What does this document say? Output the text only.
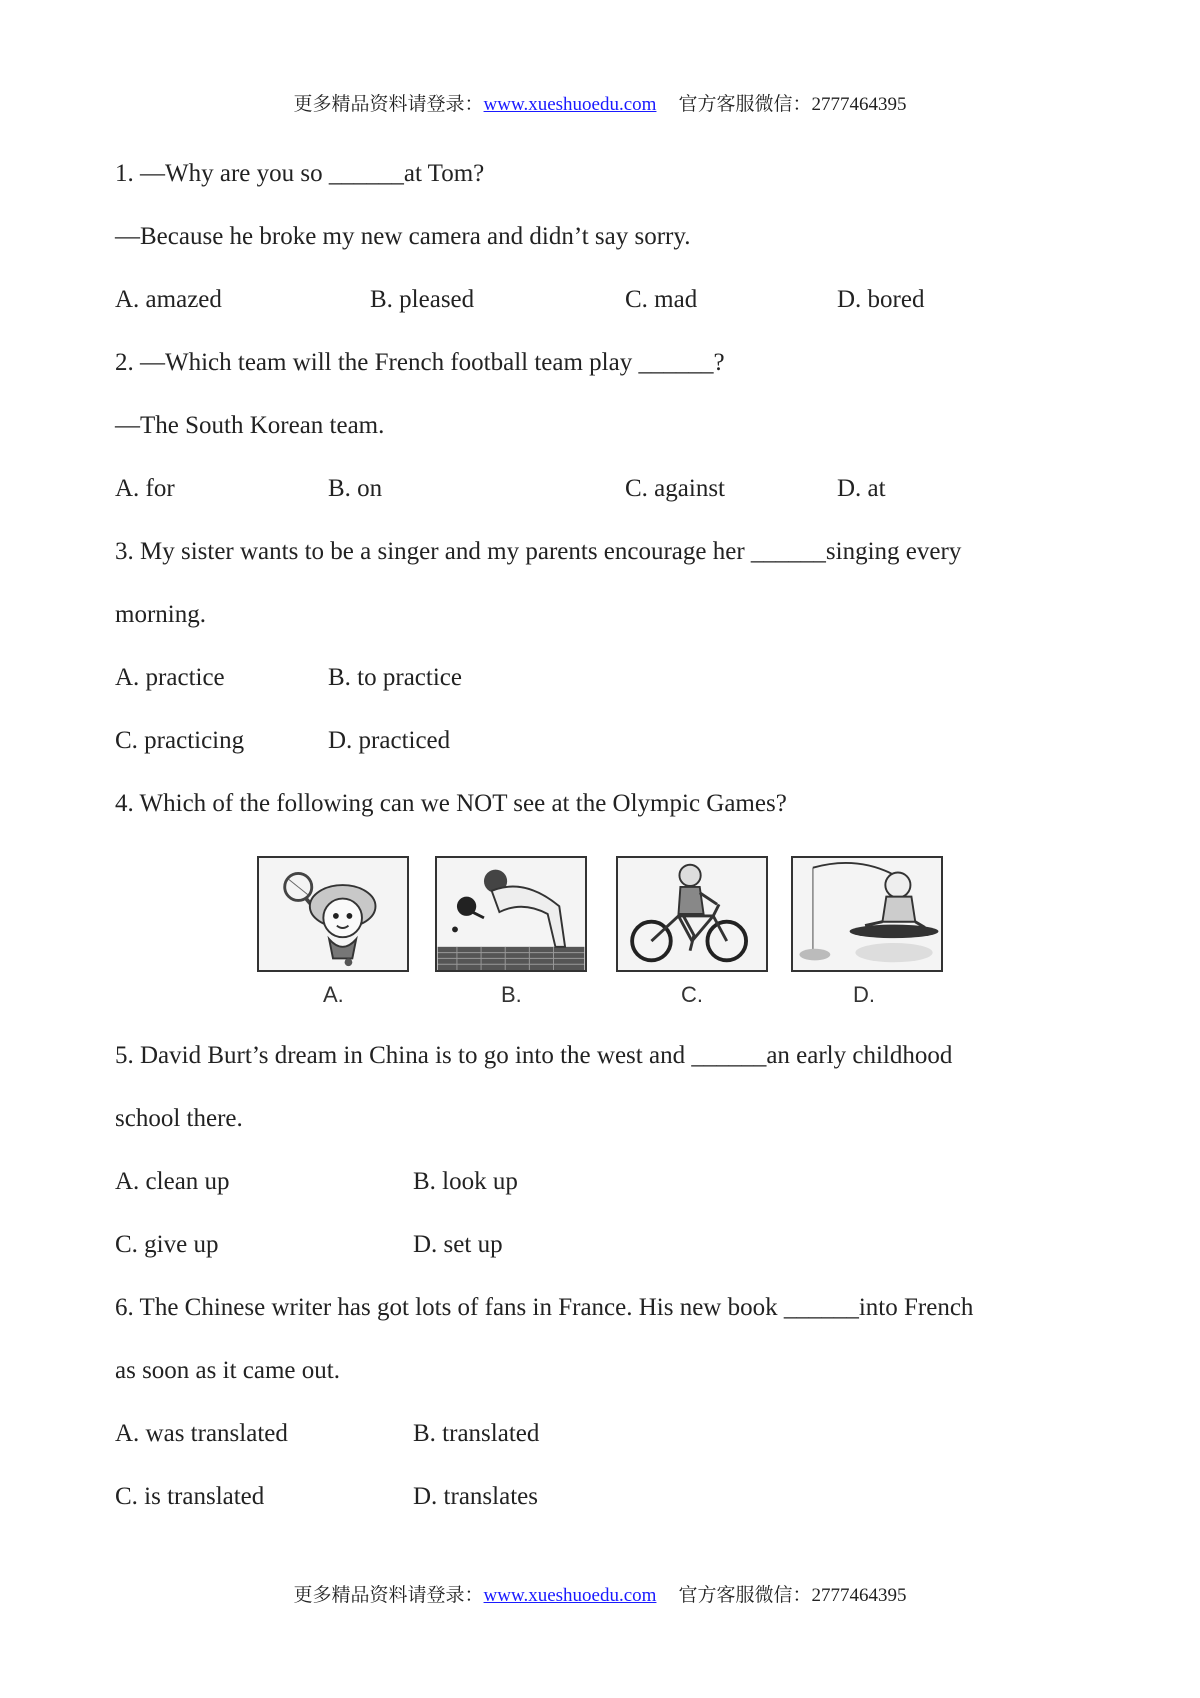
更多精品资料请登录：www.xueshuoedu.com 官方客服微信：2777464395
1. —Why are you so ______at Tom?
—Because he broke my new camera and didn’t say sorry.
A. amazed	B. pleased	C. mad	D. bored
2. —Which team will the French football team play ______?
—The South Korean team.
A. for	B. on	C. against	D. at
3. My sister wants to be a singer and my parents encourage her ______singing every
morning.
A. practice	B. to practice
C. practicing	D. practiced
4. Which of the following can we NOT see at the Olympic Games?
A.	B.	C.	D.
5. David Burt’s dream in China is to go into the west and ______an early childhood
school there.
A. clean up	B. look up
C. give up	D. set up
6. The Chinese writer has got lots of fans in France. His new book ______into French
as soon as it came out.
A. was translated	B. translated
C. is translated	D. translates
更多精品资料请登录：www.xueshuoedu.com 官方客服微信：2777464395
